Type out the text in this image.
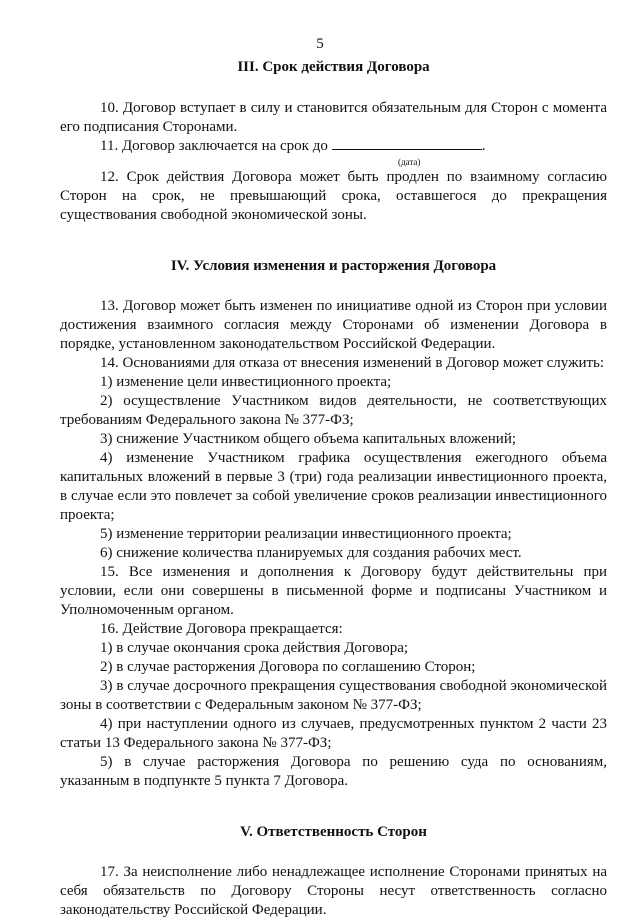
5
III. Срок действия Договора

10. Договор вступает в силу и становится обязательным для Сторон с момента его подписания Сторонами.

11. Договор заключается на срок до	.

(дата)

12. Срок действия Договора может быть продлен по взаимному согласию Сторон на срок, не превышающий срока, оставшегося до прекращения существования свободной экономической зоны.

IV. Условия изменения и расторжения Договора

13. Договор может быть изменен по инициативе одной из Сторон при условии достижения взаимного согласия между Сторонами об изменении Договора в порядке, установленном законодательством Российской Федерации.

14. Основаниями для отказа от внесения изменений в Договор может служить:

1) изменение цели инвестиционного проекта;

2) осуществление Участником видов деятельности, не соответствующих требованиям Федерального закона № 377-ФЗ;

3) снижение Участником общего объема капитальных вложений;

4) изменение Участником графика осуществления ежегодного объема капитальных вложений в первые 3 (три) года реализации инвестиционного проекта, в случае если это повлечет за собой увеличение сроков реализации инвестиционного проекта;

5) изменение территории реализации инвестиционного проекта;

6) снижение количества планируемых для создания рабочих мест.

15. Все изменения и дополнения к Договору будут действительны при условии, если они совершены в письменной форме и подписаны Участником и Уполномоченным органом.

16. Действие Договора прекращается:

1) в случае окончания срока действия Договора;

2) в случае расторжения Договора по соглашению Сторон;

3) в случае досрочного прекращения существования свободной экономической зоны в соответствии с Федеральным законом № 377-ФЗ;

4) при наступлении одного из случаев, предусмотренных пунктом 2 части 23 статьи 13 Федерального закона № 377-ФЗ;

5) в случае расторжения Договора по решению суда по основаниям, указанным в подпункте 5 пункта 7 Договора.

V. Ответственность Сторон

17. За неисполнение либо ненадлежащее исполнение Сторонами принятых на себя обязательств по Договору Стороны несут ответственность согласно законодательству Российской Федерации.
